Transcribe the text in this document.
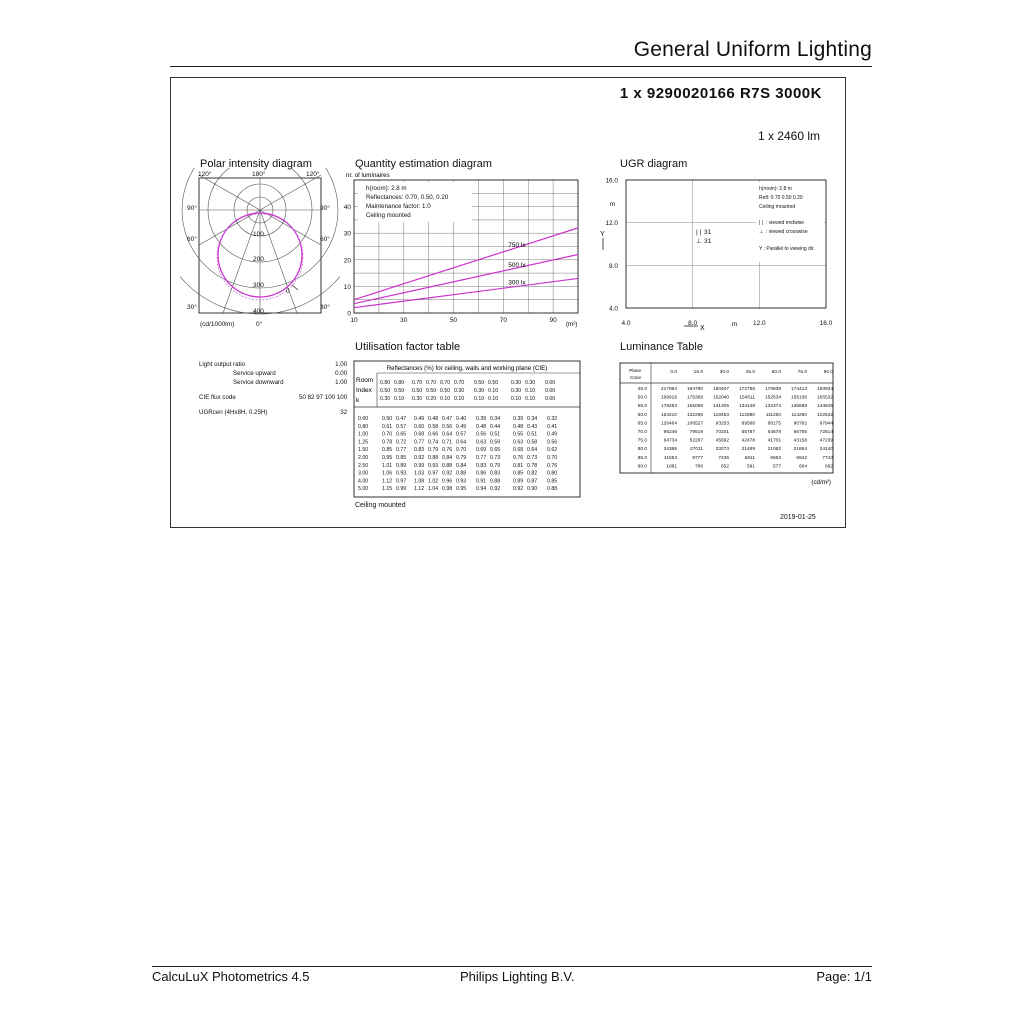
General Uniform Lighting
1 x 9290020166 R7S 3000K
1 x 2460 lm
Polar intensity diagram	Quantity estimation diagram	UGR diagram
Utilisation factor table	Luminance Table
120°	180°	120°
90°	90°
60°	60°
30°	30°
100
200
300
400
0
(cd/1000lm)	0°
nr. of luminaires
h(room): 2.8 m
Reflectances: 0.70, 0.50, 0.20
Maintenance factor: 1.0
Ceiling mounted
750 lx
500 lx
300 lx
10	30	50	70	90
0
10
20
30
40
(m²)	4.0	8.0	12.0	16.0
4.0
8.0
12.0
16.0
m
Y
m
X
| | 31
⊥ 31
h(room): 2.8 m
Refl: 0.70 0.50 0.20
Ceiling mounted
| | : viewed endwise
⊥ : viewed crosswise
Y : Parallel to viewing dir.
Light output ratio	1.00
Service upward	0.00
Service downward	1.00

CIE flux code	50 82 97 100 100

UGRcen (4Hx8H, 0.25H)	32
Reflectances (%) for ceiling, walls and working plane (CIE)
Room
Index
k
0.80 0.80 0.70 0.70 0.70 0.70 0.50 0.50 0.30 0.30 0.00
0.50 0.50 0.50 0.50 0.50 0.30 0.30 0.10 0.30 0.10 0.00
0.30 0.10 0.30 0.20 0.10 0.10 0.10 0.10 0.10 0.10 0.00
0.60	0.50 0.47 0.49 0.48 0.47 0.40 0.39 0.34 0.39 0.34 0.32
0.80	0.61 0.57 0.60 0.58 0.56 0.49 0.48 0.44 0.48 0.43 0.41
1.00	0.70 0.65 0.68 0.66 0.64 0.57 0.56 0.51 0.55 0.51 0.49
1.25	0.78 0.72 0.77 0.74 0.71 0.64 0.63 0.59 0.63 0.58 0.56
1.50	0.85 0.77 0.83 0.79 0.76 0.70 0.69 0.65 0.68 0.64 0.62
2.00	0.95 0.85 0.92 0.88 0.84 0.79 0.77 0.73 0.76 0.73 0.70
2.50	1.01 0.89 0.99 0.93 0.88 0.84 0.83 0.79 0.81 0.78 0.76
3.00	1.06 0.93 1.03 0.97 0.92 0.88 0.86 0.83 0.85 0.82 0.80
4.00	1.12 0.97 1.08 1.02 0.96 0.93 0.91 0.88 0.89 0.87 0.85
5.00	1.15 0.99 1.12 1.04 0.98 0.95 0.94 0.92 0.92 0.90 0.88
Ceiling mounted
Plane
Cone
0.0	15.0	30.0	45.0	60.0	75.0	90.0
45.0	217954 194790 180407 172756 170838 174413 183934
50.0	199916 176368 162040 154511 152634 156136 165532
55.0	178283 155099 141305 134148 132374 135688 144645
60.0	154410 132296 119453 112880 111260 114290 122542
65.0	126464 106527	93253	89568	88175	90782	97944
70.0	96246	79519	70341	65787	64678	66755	72514
75.0	64734	52287	45692	42478	41701	43158	47239
80.0	34365	27011	23273	21489	21062	21864	24140
85.0	11553	8777	7436	6811	6663	6942	7743
90.0	1081	786	652	591	577	604	682
(cd/m²)
2019-01-25
CalcuLuX Photometrics 4.5	Philips Lighting B.V.	Page: 1/1
